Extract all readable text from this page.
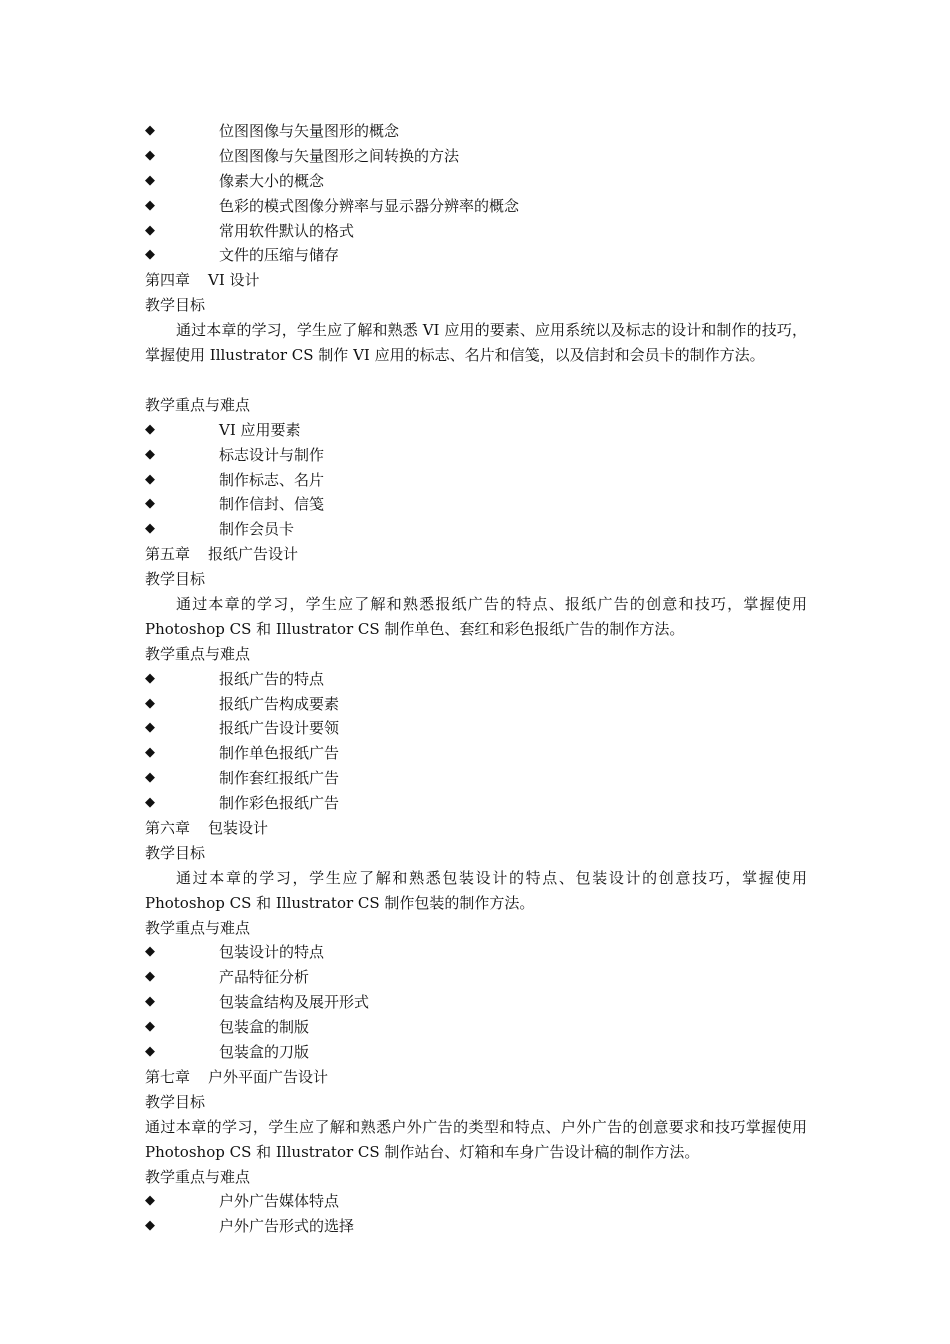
◆	位图图像与矢量图形的概念
◆	位图图像与矢量图形之间转换的方法
◆	像素大小的概念
◆	色彩的模式图像分辨率与显示器分辨率的概念
◆	常用软件默认的格式
◆	文件的压缩与储存
第四章 VI 设计
教学目标
通过本章的学习，学生应了解和熟悉 VI 应用的要素、应用系统以及标志的设计和制作的技巧，掌握使用 Illustrator CS 制作 VI 应用的标志、名片和信笺，以及信封和会员卡的制作方法。
教学重点与难点
◆	VI 应用要素
◆	标志设计与制作
◆	制作标志、名片
◆	制作信封、信笺
◆	制作会员卡
第五章 报纸广告设计
教学目标
通过本章的学习，学生应了解和熟悉报纸广告的特点、报纸广告的创意和技巧，掌握使用 Photoshop CS 和 Illustrator CS 制作单色、套红和彩色报纸广告的制作方法。
教学重点与难点
◆	报纸广告的特点
◆	报纸广告构成要素
◆	报纸广告设计要领
◆	制作单色报纸广告
◆	制作套红报纸广告
◆	制作彩色报纸广告
第六章 包装设计
教学目标
通过本章的学习，学生应了解和熟悉包装设计的特点、包装设计的创意技巧，掌握使用 Photoshop CS 和 Illustrator CS 制作包装的制作方法。
教学重点与难点
◆	包装设计的特点
◆	产品特征分析
◆	包装盒结构及展开形式
◆	包装盒的制版
◆	包装盒的刀版
第七章 户外平面广告设计
教学目标
通过本章的学习，学生应了解和熟悉户外广告的类型和特点、户外广告的创意要求和技巧掌握使用 Photoshop CS 和 Illustrator CS 制作站台、灯箱和车身广告设计稿的制作方法。
教学重点与难点
◆	户外广告媒体特点
◆	户外广告形式的选择
